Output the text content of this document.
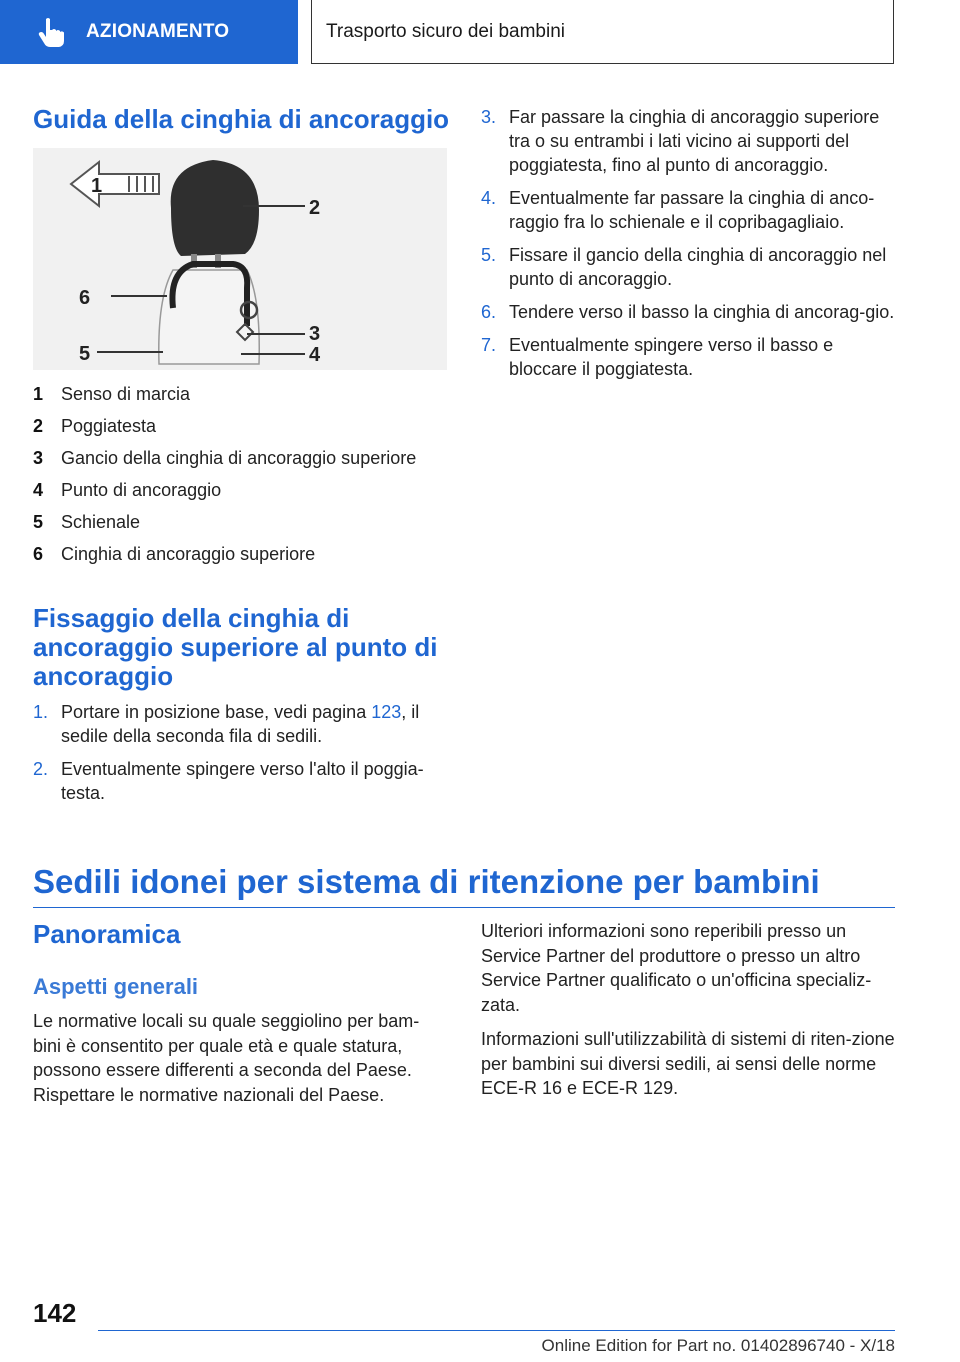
AZIONAMENTO	Trasporto sicuro dei bambini
Guida della cinghia di ancoraggio
1
2
3
4
5
6
1 Senso di marcia
2 Poggiatesta
3 Gancio della cinghia di ancoraggio superiore
4 Punto di ancoraggio
5 Schienale
6 Cinghia di ancoraggio superiore
Fissaggio della cinghia di
ancoraggio superiore al punto di
ancoraggio
1. Portare in posizione base, vedi pagina 123, il sedile della seconda fila di sedili.
2. Eventualmente spingere verso l'alto il poggia-testa.
3. Far passare la cinghia di ancoraggio superiore tra o su entrambi i lati vicino ai supporti del poggiatesta, fino al punto di ancoraggio.
4. Eventualmente far passare la cinghia di anco-raggio fra lo schienale e il copribagagliaio.
5. Fissare il gancio della cinghia di ancoraggio nel punto di ancoraggio.
6. Tendere verso il basso la cinghia di ancorag-gio.
7. Eventualmente spingere verso il basso e bloccare il poggiatesta.
Sedili idonei per sistema di ritenzione per bambini
Panoramica
Aspetti generali

Le normative locali su quale seggiolino per bam-bini è consentito per quale età e quale statura, possono essere differenti a seconda del Paese. Rispettare le normative nazionali del Paese.

Ulteriori informazioni sono reperibili presso un Service Partner del produttore o presso un altro Service Partner qualificato o un'officina specializ-zata.

Informazioni sull'utilizzabilità di sistemi di riten-zione per bambini sui diversi sedili, ai sensi delle norme ECE-R 16 e ECE-R 129.

142
Online Edition for Part no. 01402896740 - X/18
